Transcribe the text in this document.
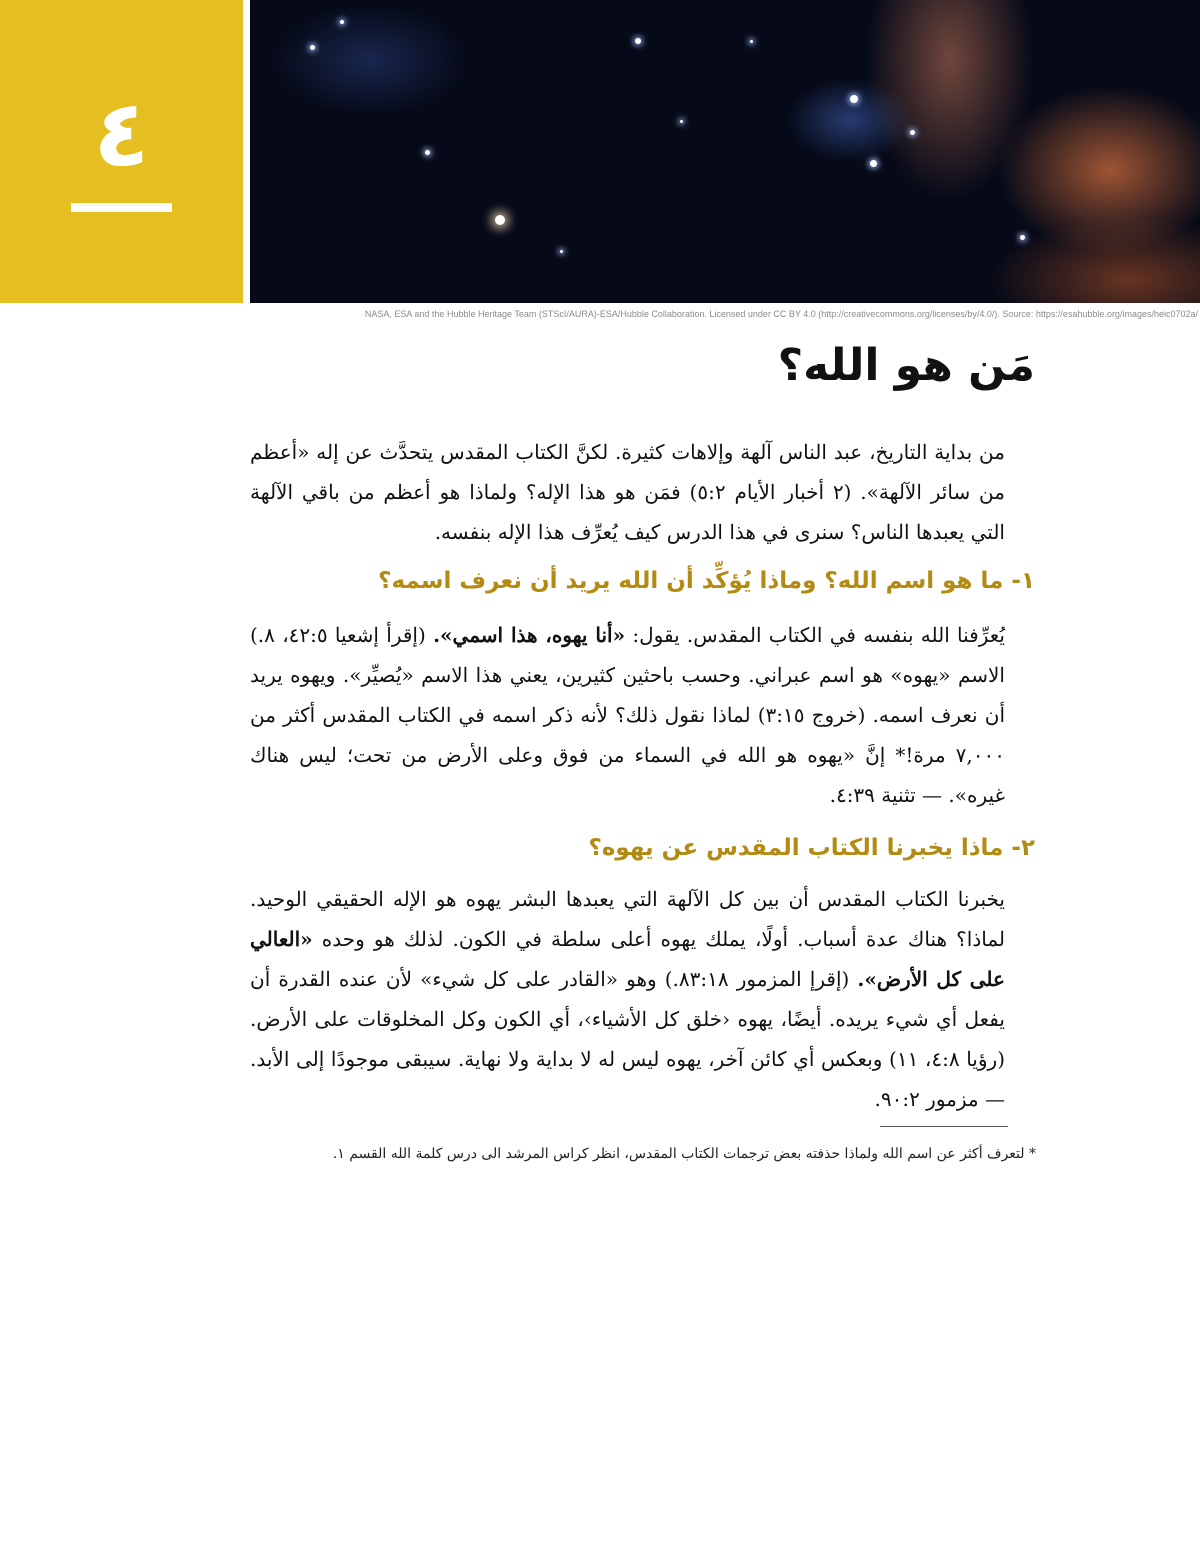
٤
NASA, ESA and the Hubble Heritage Team (STScI/AURA)-ESA/Hubble Collaboration. Licensed under CC BY 4.0 (http://creativecommons.org/licenses/by/4.0/). Source: https://esahubble.org/images/heic0702a/
مَن هو الله؟

من بداية التاريخ، عبد الناس آلهة وإلاهات كثيرة. لكنَّ الكتاب المقدس يتحدَّث عن إله «أعظم من سائر الآلهة». (٢ أخبار الأيام ٥:٢) فمَن هو هذا الإله؟ ولماذا هو أعظم من باقي الآلهة التي يعبدها الناس؟ سنرى في هذا الدرس كيف يُعرِّف هذا الإله بنفسه.

١- ما هو اسم الله؟ وماذا يُؤكِّد أن الله يريد أن نعرف اسمه؟

يُعرِّفنا الله بنفسه في الكتاب المقدس. يقول: «أنا يهوه، هذا اسمي». (إقرأ إشعيا ٤٢:٥، ٨.) الاسم «يهوه» هو اسم عبراني. وحسب باحثين كثيرين، يعني هذا الاسم «يُصيِّر». ويهوه يريد أن نعرف اسمه. (خروج ٣:١٥) لماذا نقول ذلك؟ لأنه ذكر اسمه في الكتاب المقدس أكثر من ٧,٠٠٠ مرة!* إنَّ «يهوه هو الله في السماء من فوق وعلى الأرض من تحت؛ ليس هناك غيره». — تثنية ٤:٣٩.

٢- ماذا يخبرنا الكتاب المقدس عن يهوه؟

يخبرنا الكتاب المقدس أن بين كل الآلهة التي يعبدها البشر يهوه هو الإله الحقيقي الوحيد. لماذا؟ هناك عدة أسباب. أولًا، يملك يهوه أعلى سلطة في الكون. لذلك هو وحده «العالي على كل الأرض». (إقرإ المزمور ٨٣:١٨.) وهو «القادر على كل شيء» لأن عنده القدرة أن يفعل أي شيء يريده. أيضًا، يهوه ‹خلق كل الأشياء›، أي الكون وكل المخلوقات على الأرض. (رؤيا ٤:٨، ١١) وبعكس أي كائن آخر، يهوه ليس له لا بداية ولا نهاية. سيبقى موجودًا إلى الأبد. — مزمور ٩٠:٢.

* لتعرف أكثر عن اسم الله ولماذا حذفته بعض ترجمات الكتاب المقدس، انظر كراس المرشد الى درس كلمة الله القسم ١.
